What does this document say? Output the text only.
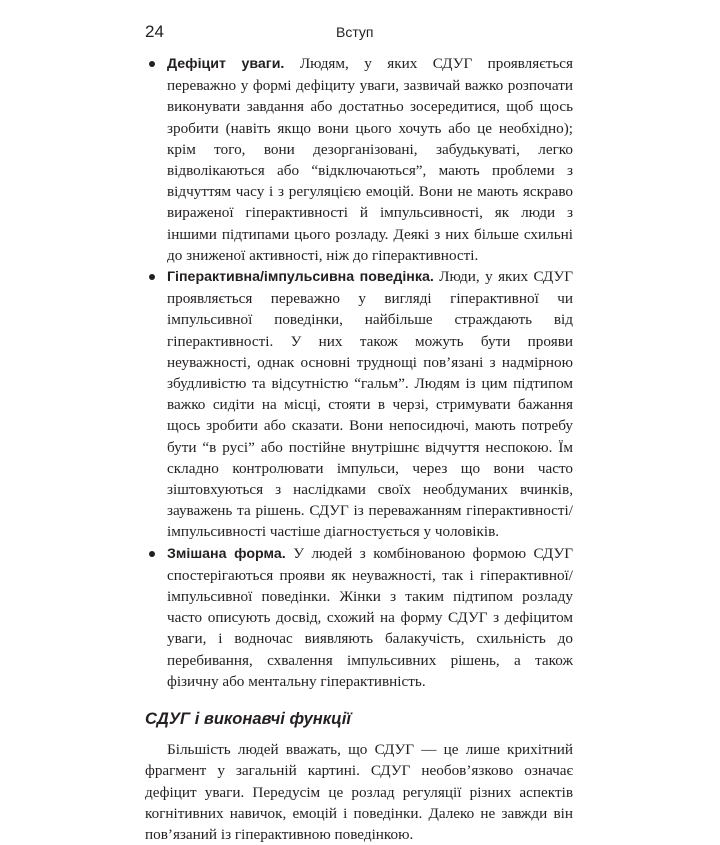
24	Вступ

Дефіцит уваги. Людям, у яких СДУГ проявляється переважно у формі дефіциту уваги, зазвичай важко розпочати виконувати завдання або достатньо зосередитися, щоб щось зробити (навіть якщо вони цього хочуть або це необхідно); крім того, вони дезорганізовані, забудькуваті, легко відволікаються або “відключаються”, мають проблеми з відчуттям часу і з регуляцією емоцій. Вони не мають яскраво вираженої гіперактивності й імпульсивності, як люди з іншими підтипами цього розладу. Деякі з них більше схильні до зниженої активності, ніж до гіперактивності.

Гіперактивна/імпульсивна поведінка. Люди, у яких СДУГ проявляється переважно у вигляді гіперактивної чи імпульсивної поведінки, найбільше страждають від гіперактивності. У них також можуть бути прояви неуважності, однак основні труднощі пов’язані з надмірною збудливістю та відсутністю “гальм”. Людям із цим підтипом важко сидіти на місці, стояти в черзі, стримувати бажання щось зробити або сказати. Вони непосидючі, мають потребу бути “в русі” або постійне внутрішнє відчуття неспокою. Їм складно контролювати імпульси, через що вони часто зіштовхуються з наслідками своїх необдуманих вчинків, зауважень та рішень. СДУГ із переважанням гіперактивності/імпульсивності частіше діагностується у чоловіків.

Змішана форма. У людей з комбінованою формою СДУГ спостерігаються прояви як неуважності, так і гіперактивної/імпульсивної поведінки. Жінки з таким підтипом розладу часто описують досвід, схожий на форму СДУГ з дефіцитом уваги, і водночас виявляють балакучість, схильність до перебивання, схвалення імпульсивних рішень, а також фізичну або ментальну гіперактивність.

СДУГ і виконавчі функції

Більшість людей вважать, що СДУГ — це лише крихітний фрагмент у загальній картині. СДУГ необов’язково означає дефіцит уваги. Передусім це розлад регуляції різних аспектів когнітивних навичок, емоцій і поведінки. Далеко не завжди він пов’язаний із гіперактивною поведінкою.
